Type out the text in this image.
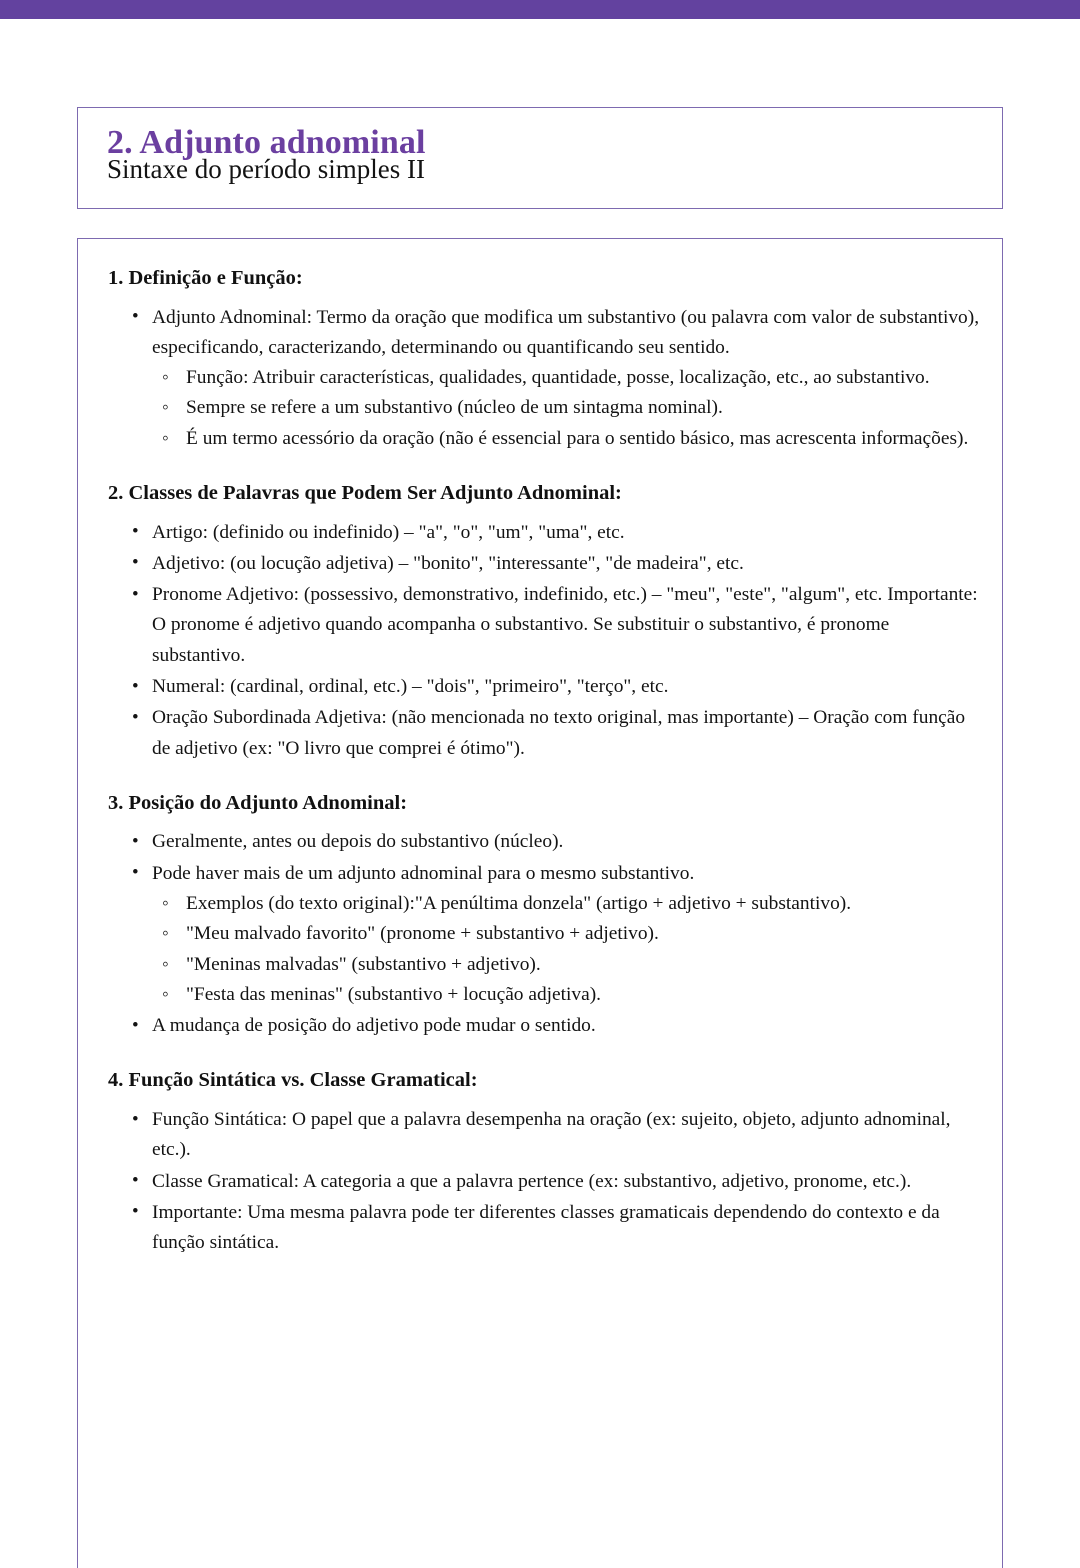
2. Adjunto adnominal
Sintaxe do período simples II
1. Definição e Função:
• Adjunto Adnominal: Termo da oração que modifica um substantivo (ou palavra com valor de substantivo), especificando, caracterizando, determinando ou quantificando seu sentido.
◦ Função: Atribuir características, qualidades, quantidade, posse, localização, etc., ao substantivo.
◦ Sempre se refere a um substantivo (núcleo de um sintagma nominal).
◦ É um termo acessório da oração (não é essencial para o sentido básico, mas acrescenta informações).
2. Classes de Palavras que Podem Ser Adjunto Adnominal:
• Artigo: (definido ou indefinido) – "a", "o", "um", "uma", etc.
• Adjetivo: (ou locução adjetiva) – "bonito", "interessante", "de madeira", etc.
• Pronome Adjetivo: (possessivo, demonstrativo, indefinido, etc.) – "meu", "este", "algum", etc. Importante: O pronome é adjetivo quando acompanha o substantivo. Se substituir o substantivo, é pronome substantivo.
• Numeral: (cardinal, ordinal, etc.) – "dois", "primeiro", "terço", etc.
• Oração Subordinada Adjetiva: (não mencionada no texto original, mas importante) – Oração com função de adjetivo (ex: "O livro que comprei é ótimo").
3. Posição do Adjunto Adnominal:
• Geralmente, antes ou depois do substantivo (núcleo).
• Pode haver mais de um adjunto adnominal para o mesmo substantivo.
◦ Exemplos (do texto original):"A penúltima donzela" (artigo + adjetivo + substantivo).
◦ "Meu malvado favorito" (pronome + substantivo + adjetivo).
◦ "Meninas malvadas" (substantivo + adjetivo).
◦ "Festa das meninas" (substantivo + locução adjetiva).
• A mudança de posição do adjetivo pode mudar o sentido.
4. Função Sintática vs. Classe Gramatical:
• Função Sintática: O papel que a palavra desempenha na oração (ex: sujeito, objeto, adjunto adnominal, etc.).
• Classe Gramatical: A categoria a que a palavra pertence (ex: substantivo, adjetivo, pronome, etc.).
• Importante: Uma mesma palavra pode ter diferentes classes gramaticais dependendo do contexto e da função sintática.
